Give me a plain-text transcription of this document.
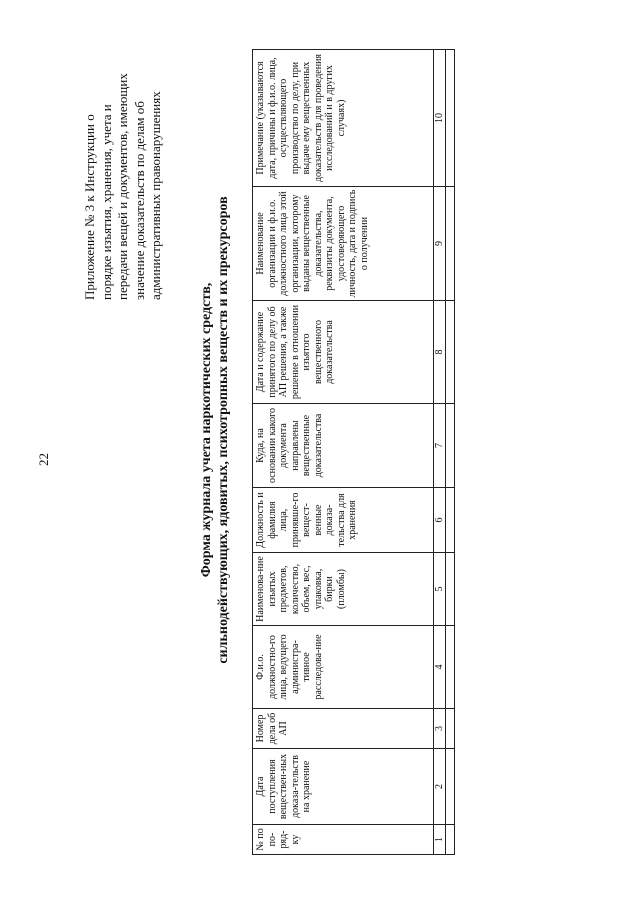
22
Приложение № 3 к Инструкции о порядке изъятия, хранения, учета и передачи вещей и документов, имеющих значение доказательств по делам об административных правонарушениях
Форма журнала учета наркотических средств, сильнодействующих, ядовитых, психотропных веществ и их прекурсоров
№ по по-ряд-ку	Дата поступления веществен-ных доказа-тельств на хранение	Номер дела об АП	Ф.и.о. должностно-го лица, ведущего администра-тивное расследова-ние	Наименова-ние изъятых предметов, количество, объем, вес, упаковка, бирки (пломбы)	Должность и фамилия лица, принявше-го вещест-венные доказа-тельства для хранения	Куда, на основании какого документа направлены вещественные доказательства	Дата и содержание принятого по делу об АП решения, а также решение в отношении изъятого вещественного доказательства	Наименование организации и ф.и.о. должностного лица этой организации, которому выданы вещественные доказательства, реквизиты документа, удостоверяющего личность, дата и подпись о получении	Примечание (указываются дата, причины и ф.и.о. лица, осуществляющего производство по делу, при выдаче ему вещественных доказательств для проведения исследований и в других случаях)
1	2	3	4	5	6	7	8	9	10
